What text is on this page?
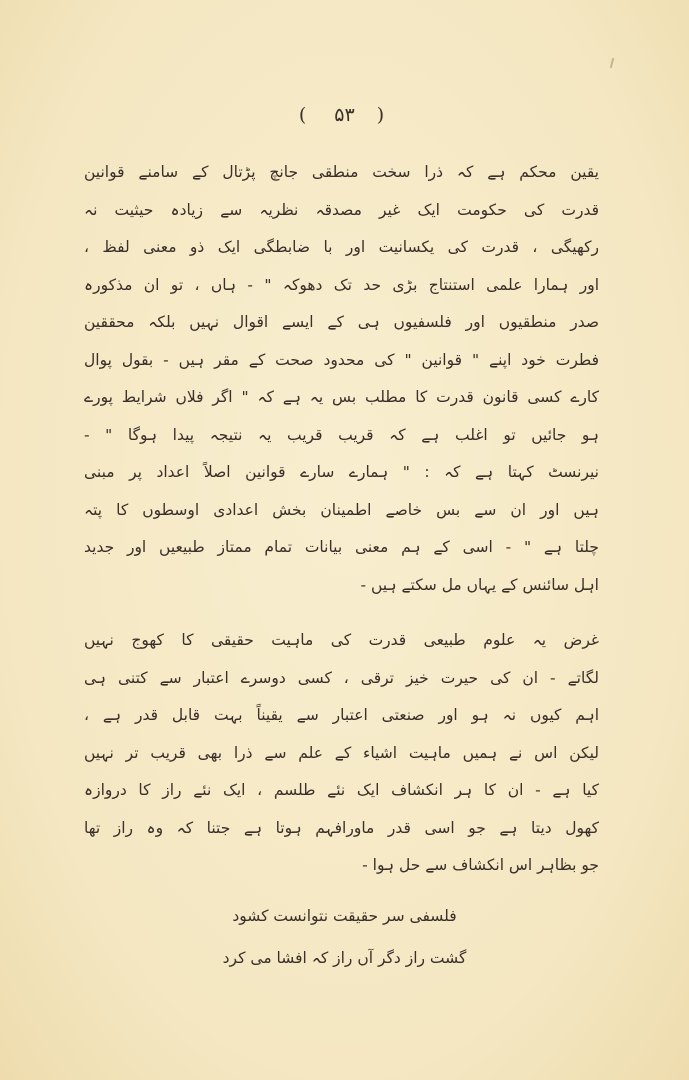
( ۵۳ )
یقین محکم ہے کہ ذرا سخت منطقی جانچ پڑتال کے سامنے قوانین
قدرت کی حکومت ایک غیر مصدقہ نظریہ سے زیادہ حیثیت نہ
رکھیگی ، قدرت کی یکسانیت اور با ضابطگی ایک ذو معنی لفظ ،
اور ہمارا علمی استنتاج بڑی حد تک دھوکہ " - ہاں ، تو ان مذکورہ
صدر منطقیوں اور فلسفیوں ہی کے ایسے اقوال نہیں بلکہ محققین
فطرت خود اپنے " قوانین " کی محدود صحت کے مقر ہیں - بقول پوال
کارے کسی قانون قدرت کا مطلب بس یہ ہے کہ " اگر فلاں شرایط پورے
ہو جائیں تو اغلب ہے کہ قریب قریب یہ نتیجہ پیدا ہوگا " -
نیرنسٹ کہتا ہے کہ : " ہمارے سارے قوانین اصلاً اعداد پر مبنی
ہیں اور ان سے بس خاصے اطمینان بخش اعدادی اوسطوں کا پتہ
چلتا ہے " - اسی کے ہم معنی بیانات تمام ممتاز طبیعیں اور جدید
اہل سائنس کے یہاں مل سکتے ہیں -
غرض یہ علوم طبیعی قدرت کی ماہیت حقیقی کا کھوج نہیں
لگاتے - ان کی حیرت خیز ترقی ، کسی دوسرے اعتبار سے کتنی ہی
اہم کیوں نہ ہو اور صنعتی اعتبار سے یقیناً بہت قابل قدر ہے ،
لیکن اس نے ہمیں ماہیت اشیاء کے علم سے ذرا بھی قریب تر نہیں
کیا ہے - ان کا ہر انکشاف ایک نئے طلسم ، ایک نئے راز کا دروازہ
کھول دیتا ہے جو اسی قدر ماورافہم ہوتا ہے جتنا کہ وہ راز تھا
جو بظاہر اس انکشاف سے حل ہوا -
فلسفی سر حقیقت نتوانست کشود
گشت راز دگر آں راز کہ افشا می کرد
